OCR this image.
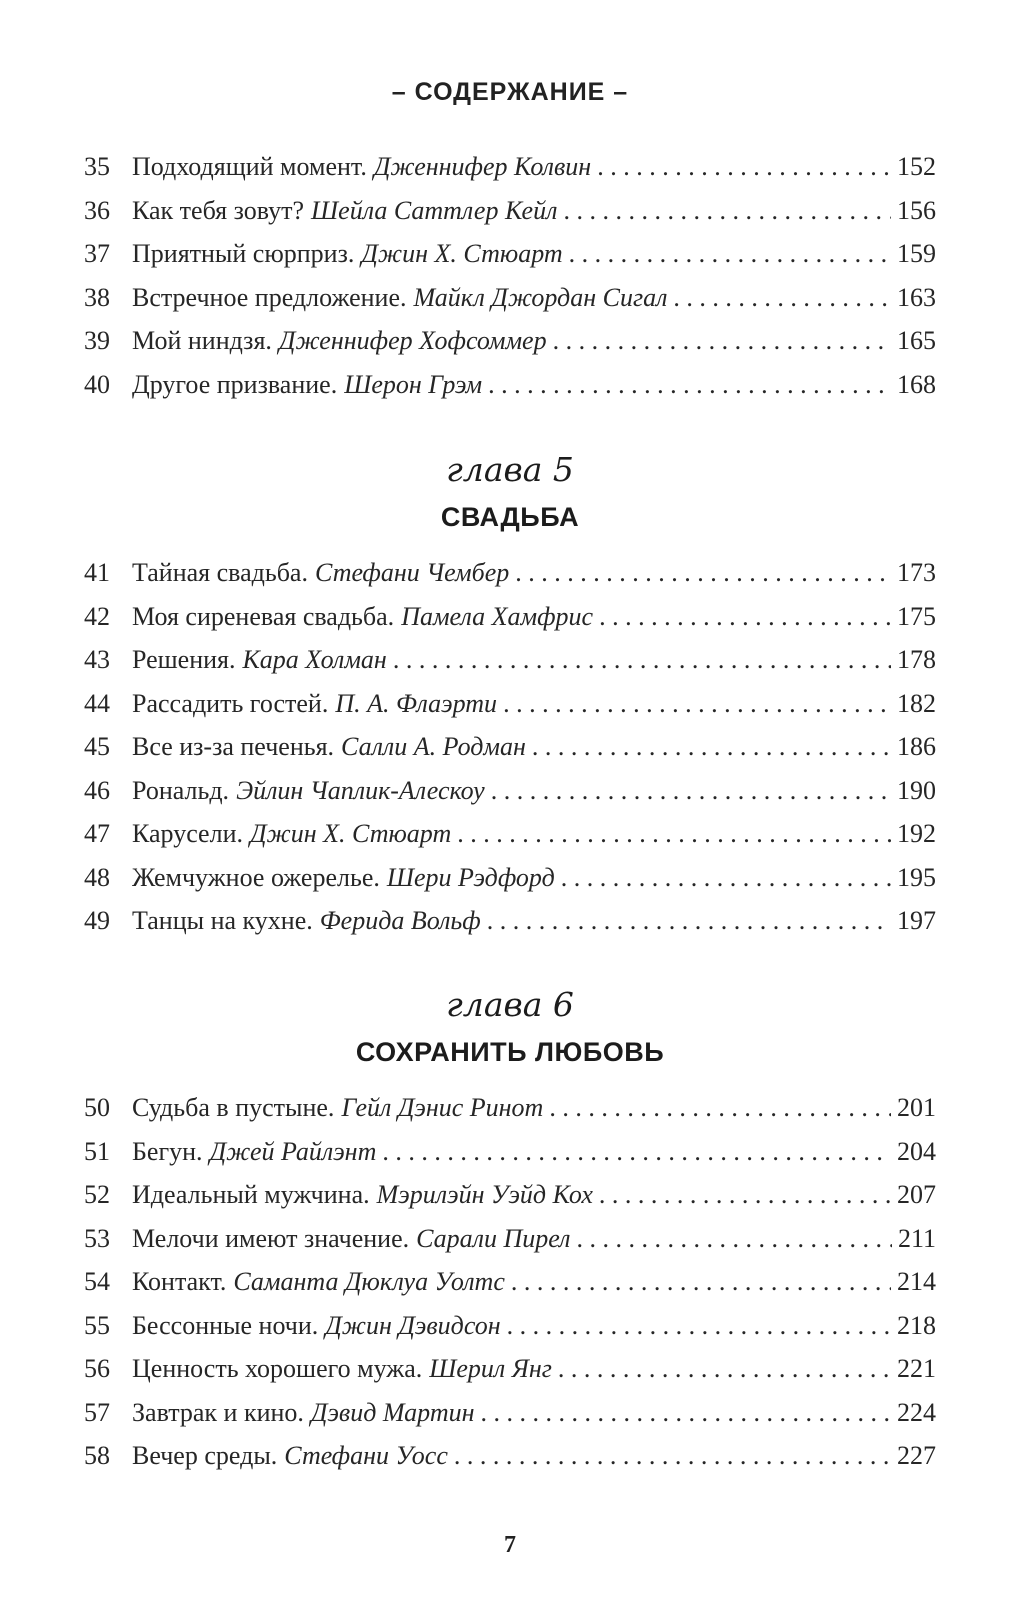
– СОДЕРЖАНИЕ –
35 Подходящий момент. Дженнифер Колвин . . .	152
36 Как тебя зовут? Шейла Саттлер Кейл . . .	156
37 Приятный сюрприз. Джин Х. Стюарт . . .	159
38 Встречное предложение. Майкл Джордан Сигал . . .	163
39 Мой ниндзя. Дженнифер Хофсоммер . . .	165
40 Другое призвание. Шерон Грэм . . .	168
глава 5
СВАДЬБА
41 Тайная свадьба. Стефани Чембер . . .	173
42 Моя сиреневая свадьба. Памела Хамфрис . . .	175
43 Решения. Кара Холман . . .	178
44 Рассадить гостей. П. А. Флаэрти . . .	182
45 Все из-за печенья. Салли А. Родман . . .	186
46 Рональд. Эйлин Чаплик-Алескоу . . .	190
47 Карусели. Джин Х. Стюарт . . .	192
48 Жемчужное ожерелье. Шери Рэдфорд . . .	195
49 Танцы на кухне. Ферида Вольф . . .	197
глава 6
СОХРАНИТЬ ЛЮБОВЬ
50 Судьба в пустыне. Гейл Дэнис Ринот . . .	201
51 Бегун. Джей Райлэнт . . .	204
52 Идеальный мужчина. Мэрилэйн Уэйд Кох . . .	207
53 Мелочи имеют значение. Сарали Пирел . . .	211
54 Контакт. Саманта Дюклуа Уолтс . . .	214
55 Бессонные ночи. Джин Дэвидсон . . .	218
56 Ценность хорошего мужа. Шерил Янг . . .	221
57 Завтрак и кино. Дэвид Мартин . . .	224
58 Вечер среды. Стефани Уосс . . .	227
7
